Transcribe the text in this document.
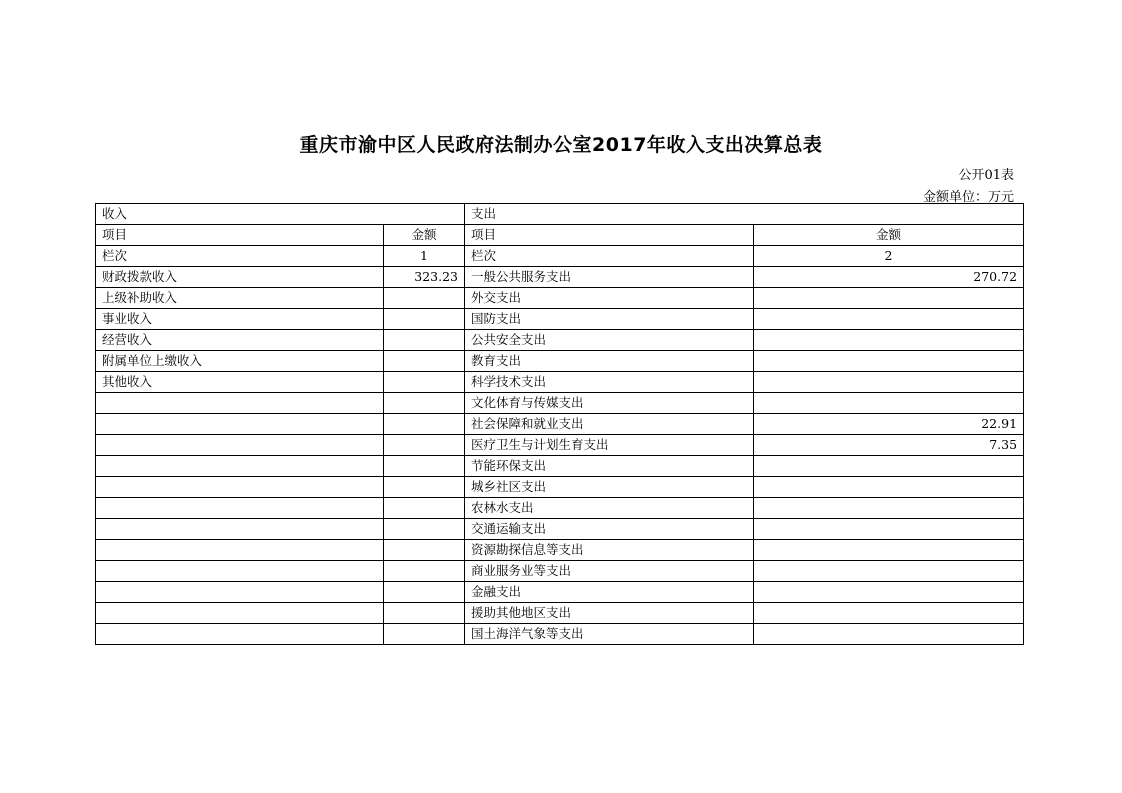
重庆市渝中区人民政府法制办公室2017年收入支出决算总表
公开01表
金额单位：万元
收入		支出	
项目	金额	项目	金额
栏次	1	栏次	2
财政拨款收入	323.23	一般公共服务支出	270.72
上级补助收入		外交支出	
事业收入		国防支出	
经营收入		公共安全支出	
附属单位上缴收入		教育支出	
其他收入		科学技术支出	
		文化体育与传媒支出	
		社会保障和就业支出	22.91
		医疗卫生与计划生育支出	7.35
		节能环保支出	
		城乡社区支出	
		农林水支出	
		交通运输支出	
		资源勘探信息等支出	
		商业服务业等支出	
		金融支出	
		援助其他地区支出	
		国土海洋气象等支出	
